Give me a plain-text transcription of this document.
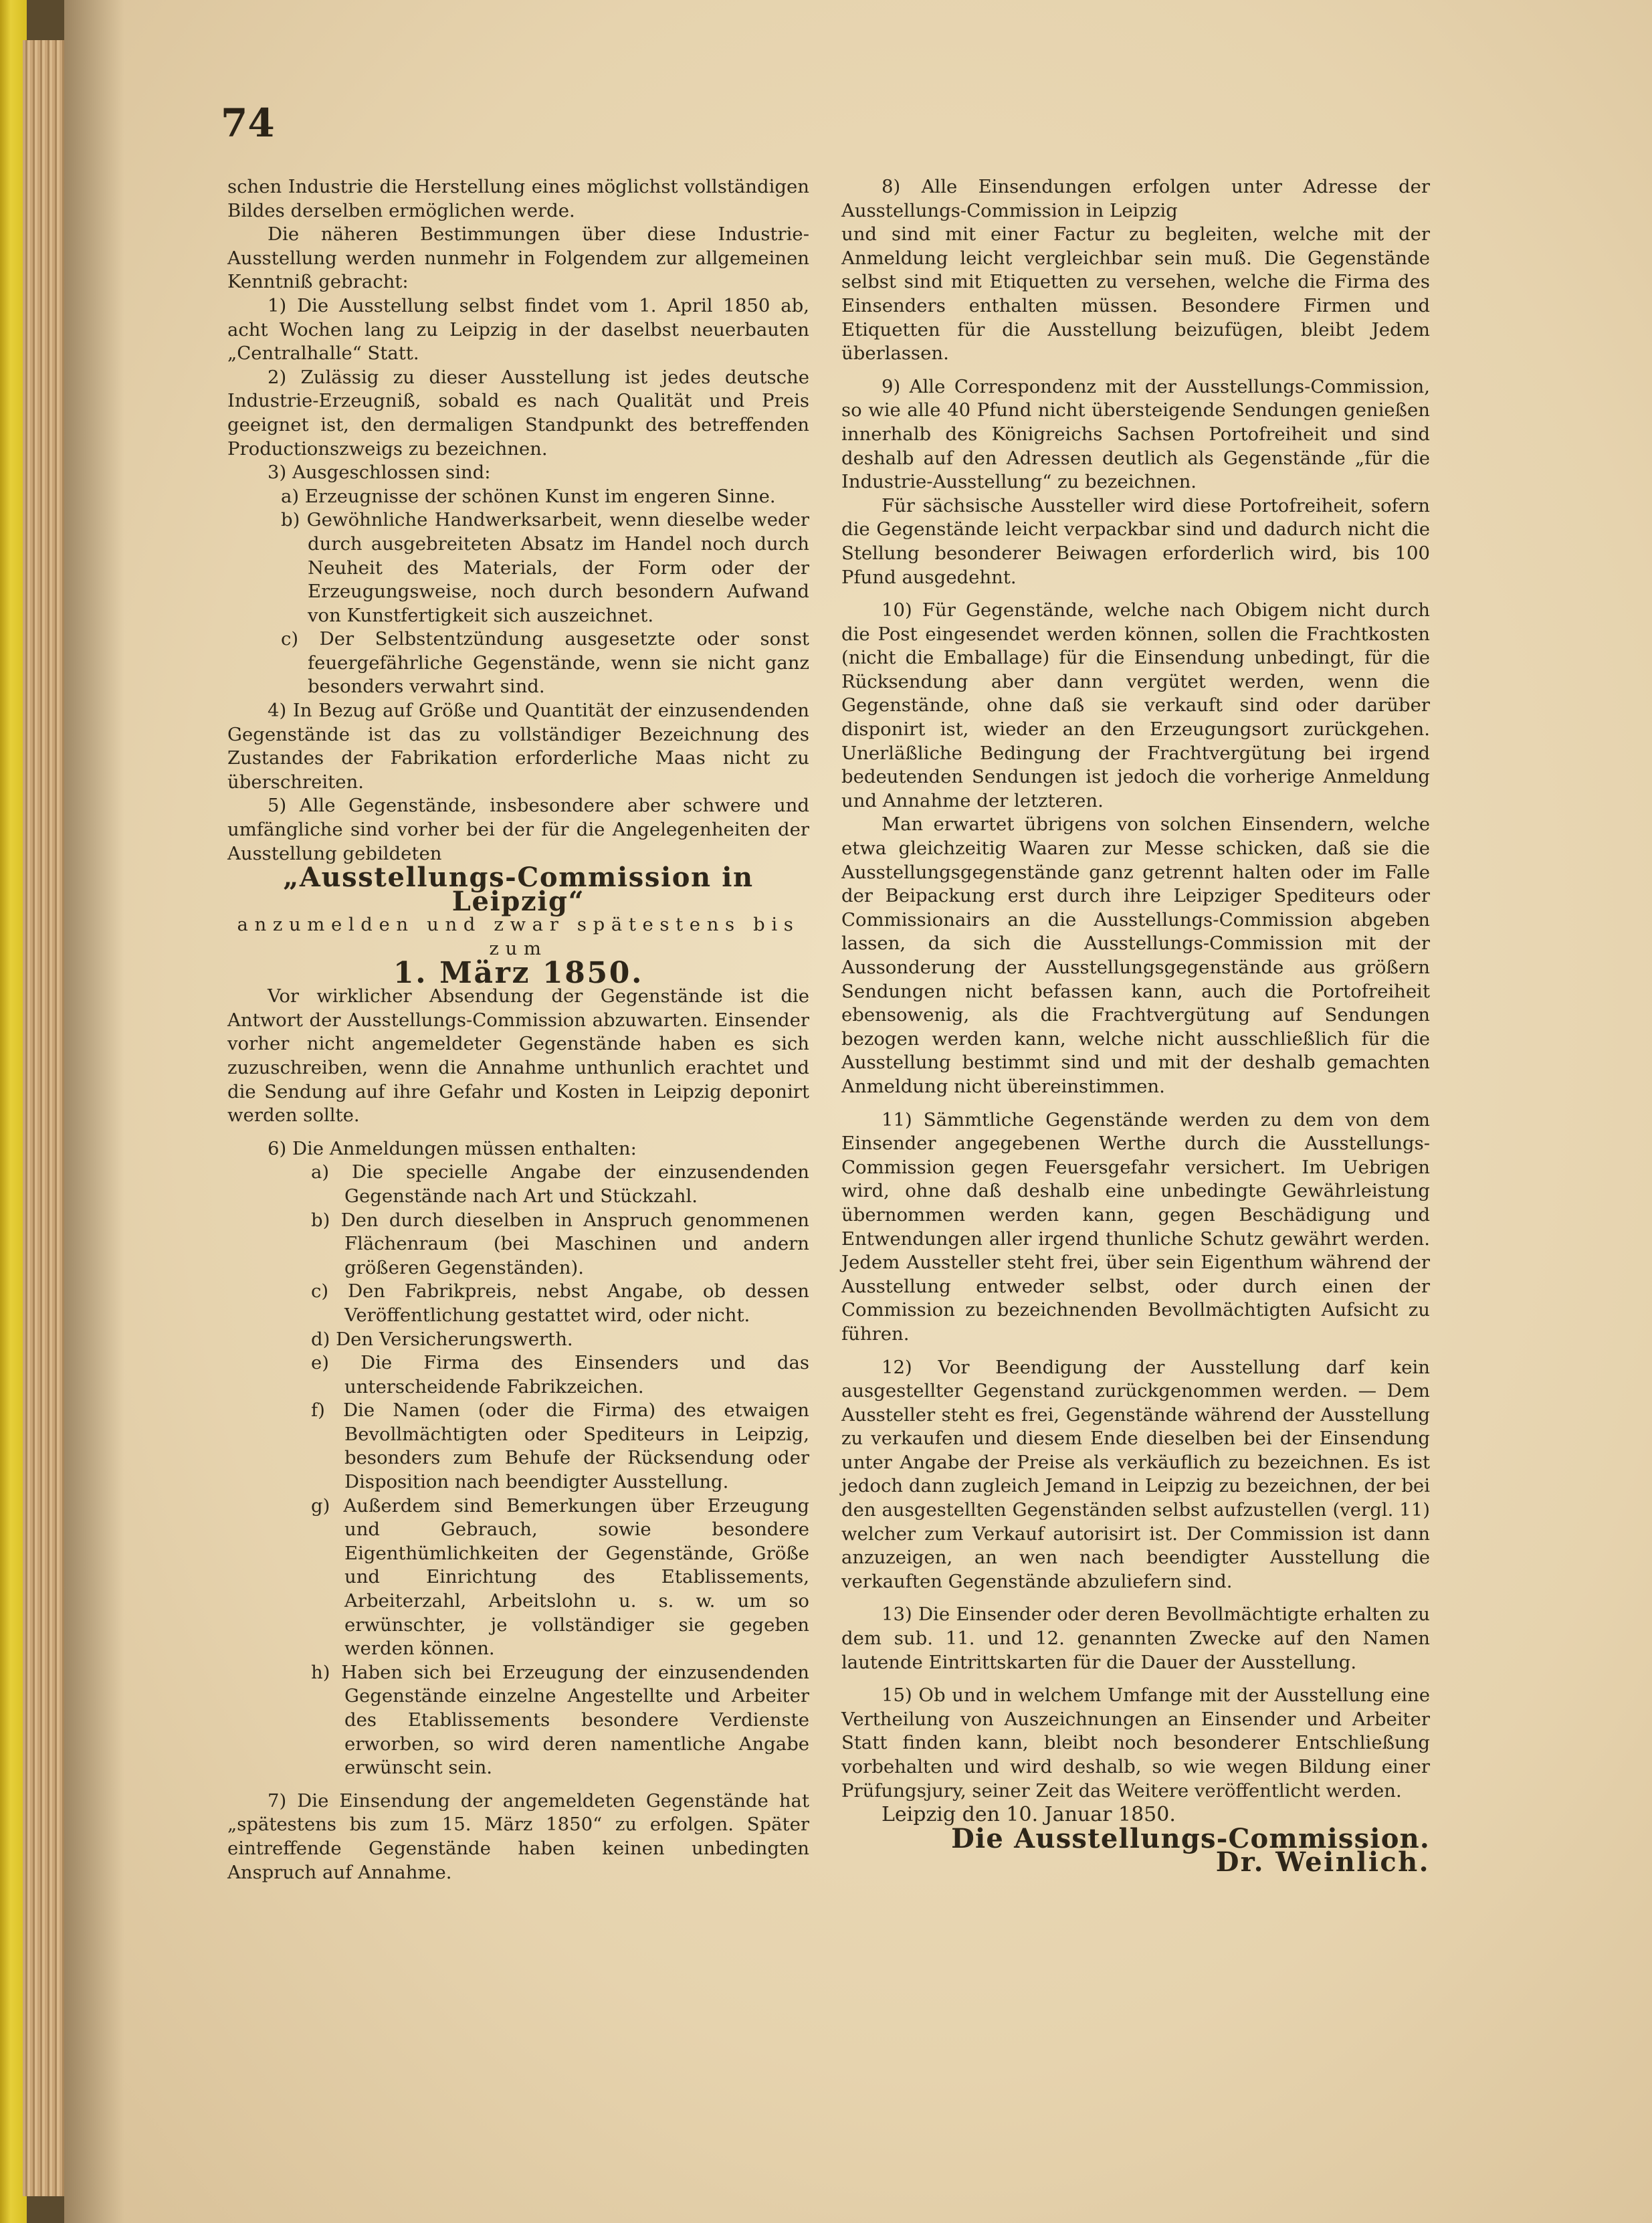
74

schen Industrie die Herstellung eines möglichst vollständigen Bildes derselben ermöglichen werde.

Die näheren Bestimmungen über diese Industrie-Ausstellung werden nunmehr in Folgendem zur allgemeinen Kenntniß gebracht:

1) Die Ausstellung selbst findet vom 1. April 1850 ab, acht Wochen lang zu Leipzig in der daselbst neuerbauten „Centralhalle“ Statt.

2) Zulässig zu dieser Ausstellung ist jedes deutsche Industrie-Erzeugniß, sobald es nach Qualität und Preis geeignet ist, den dermaligen Standpunkt des betreffenden Productionszweigs zu bezeichnen.

3) Ausgeschlossen sind:

a) Erzeugnisse der schönen Kunst im engeren Sinne.

b) Gewöhnliche Handwerksarbeit, wenn dieselbe weder durch ausgebreiteten Absatz im Handel noch durch Neuheit des Materials, der Form oder der Erzeugungsweise, noch durch besondern Aufwand von Kunstfertigkeit sich auszeichnet.

c) Der Selbstentzündung ausgesetzte oder sonst feuergefährliche Gegenstände, wenn sie nicht ganz besonders verwahrt sind.

4) In Bezug auf Größe und Quantität der einzusendenden Gegenstände ist das zu vollständiger Bezeichnung des Zustandes der Fabrikation erforderliche Maas nicht zu überschreiten.

5) Alle Gegenstände, insbesondere aber schwere und umfängliche sind vorher bei der für die Angelegenheiten der Ausstellung gebildeten

„Ausstellungs-Commission in Leipzig“

anzumelden und zwar spätestens bis zum

1. März 1850.

Vor wirklicher Absendung der Gegenstände ist die Antwort der Ausstellungs-Commission abzuwarten. Einsender vorher nicht angemeldeter Gegenstände haben es sich zuzuschreiben, wenn die Annahme unthunlich erachtet und die Sendung auf ihre Gefahr und Kosten in Leipzig deponirt werden sollte.

6) Die Anmeldungen müssen enthalten:

a) Die specielle Angabe der einzusendenden Gegenstände nach Art und Stückzahl.

b) Den durch dieselben in Anspruch genommenen Flächenraum (bei Maschinen und andern größeren Gegenständen).

c) Den Fabrikpreis, nebst Angabe, ob dessen Veröffentlichung gestattet wird, oder nicht.

d) Den Versicherungswerth.

e) Die Firma des Einsenders und das unterscheidende Fabrikzeichen.

f) Die Namen (oder die Firma) des etwaigen Bevollmächtigten oder Spediteurs in Leipzig, besonders zum Behufe der Rücksendung oder Disposition nach beendigter Ausstellung.

g) Außerdem sind Bemerkungen über Erzeugung und Gebrauch, sowie besondere Eigenthümlichkeiten der Gegenstände, Größe und Einrichtung des Etablissements, Arbeiterzahl, Arbeitslohn u. s. w. um so erwünschter, je vollständiger sie gegeben werden können.

h) Haben sich bei Erzeugung der einzusendenden Gegenstände einzelne Angestellte und Arbeiter des Etablissements besondere Verdienste erworben, so wird deren namentliche Angabe erwünscht sein.

7) Die Einsendung der angemeldeten Gegenstände hat „spätestens bis zum 15. März 1850“ zu erfolgen. Später eintreffende Gegenstände haben keinen unbedingten Anspruch auf Annahme.

8) Alle Einsendungen erfolgen unter Adresse der Ausstellungs-Commission in Leipzig

und sind mit einer Factur zu begleiten, welche mit der Anmeldung leicht vergleichbar sein muß. Die Gegenstände selbst sind mit Etiquetten zu versehen, welche die Firma des Einsenders enthalten müssen. Besondere Firmen und Etiquetten für die Ausstellung beizufügen, bleibt Jedem überlassen.

9) Alle Correspondenz mit der Ausstellungs-Commission, so wie alle 40 Pfund nicht übersteigende Sendungen genießen innerhalb des Königreichs Sachsen Portofreiheit und sind deshalb auf den Adressen deutlich als Gegenstände „für die Industrie-Ausstellung“ zu bezeichnen.

Für sächsische Aussteller wird diese Portofreiheit, sofern die Gegenstände leicht verpackbar sind und dadurch nicht die Stellung besonderer Beiwagen erforderlich wird, bis 100 Pfund ausgedehnt.

10) Für Gegenstände, welche nach Obigem nicht durch die Post eingesendet werden können, sollen die Frachtkosten (nicht die Emballage) für die Einsendung unbedingt, für die Rücksendung aber dann vergütet werden, wenn die Gegenstände, ohne daß sie verkauft sind oder darüber disponirt ist, wieder an den Erzeugungsort zurückgehen. Unerläßliche Bedingung der Frachtvergütung bei irgend bedeutenden Sendungen ist jedoch die vorherige Anmeldung und Annahme der letzteren.

Man erwartet übrigens von solchen Einsendern, welche etwa gleichzeitig Waaren zur Messe schicken, daß sie die Ausstellungsgegenstände ganz getrennt halten oder im Falle der Beipackung erst durch ihre Leipziger Spediteurs oder Commissionairs an die Ausstellungs-Commission abgeben lassen, da sich die Ausstellungs-Commission mit der Aussonderung der Ausstellungsgegenstände aus größern Sendungen nicht befassen kann, auch die Portofreiheit ebensowenig, als die Frachtvergütung auf Sendungen bezogen werden kann, welche nicht ausschließlich für die Ausstellung bestimmt sind und mit der deshalb gemachten Anmeldung nicht übereinstimmen.

11) Sämmtliche Gegenstände werden zu dem von dem Einsender angegebenen Werthe durch die Ausstellungs-Commission gegen Feuersgefahr versichert. Im Uebrigen wird, ohne daß deshalb eine unbedingte Gewährleistung übernommen werden kann, gegen Beschädigung und Entwendungen aller irgend thunliche Schutz gewährt werden. Jedem Aussteller steht frei, über sein Eigenthum während der Ausstellung entweder selbst, oder durch einen der Commission zu bezeichnenden Bevollmächtigten Aufsicht zu führen.

12) Vor Beendigung der Ausstellung darf kein ausgestellter Gegenstand zurückgenommen werden. — Dem Aussteller steht es frei, Gegenstände während der Ausstellung zu verkaufen und diesem Ende dieselben bei der Einsendung unter Angabe der Preise als verkäuflich zu bezeichnen. Es ist jedoch dann zugleich Jemand in Leipzig zu bezeichnen, der bei den ausgestellten Gegenständen selbst aufzustellen (vergl. 11) welcher zum Verkauf autorisirt ist. Der Commission ist dann anzuzeigen, an wen nach beendigter Ausstellung die verkauften Gegenstände abzuliefern sind.

13) Die Einsender oder deren Bevollmächtigte erhalten zu dem sub. 11. und 12. genannten Zwecke auf den Namen lautende Eintrittskarten für die Dauer der Ausstellung.

15) Ob und in welchem Umfange mit der Ausstellung eine Vertheilung von Auszeichnungen an Einsender und Arbeiter Statt finden kann, bleibt noch besonderer Entschließung vorbehalten und wird deshalb, so wie wegen Bildung einer Prüfungsjury, seiner Zeit das Weitere veröffentlicht werden.

Leipzig den 10. Januar 1850.

Die Ausstellungs-Commission.

Dr. Weinlich.
